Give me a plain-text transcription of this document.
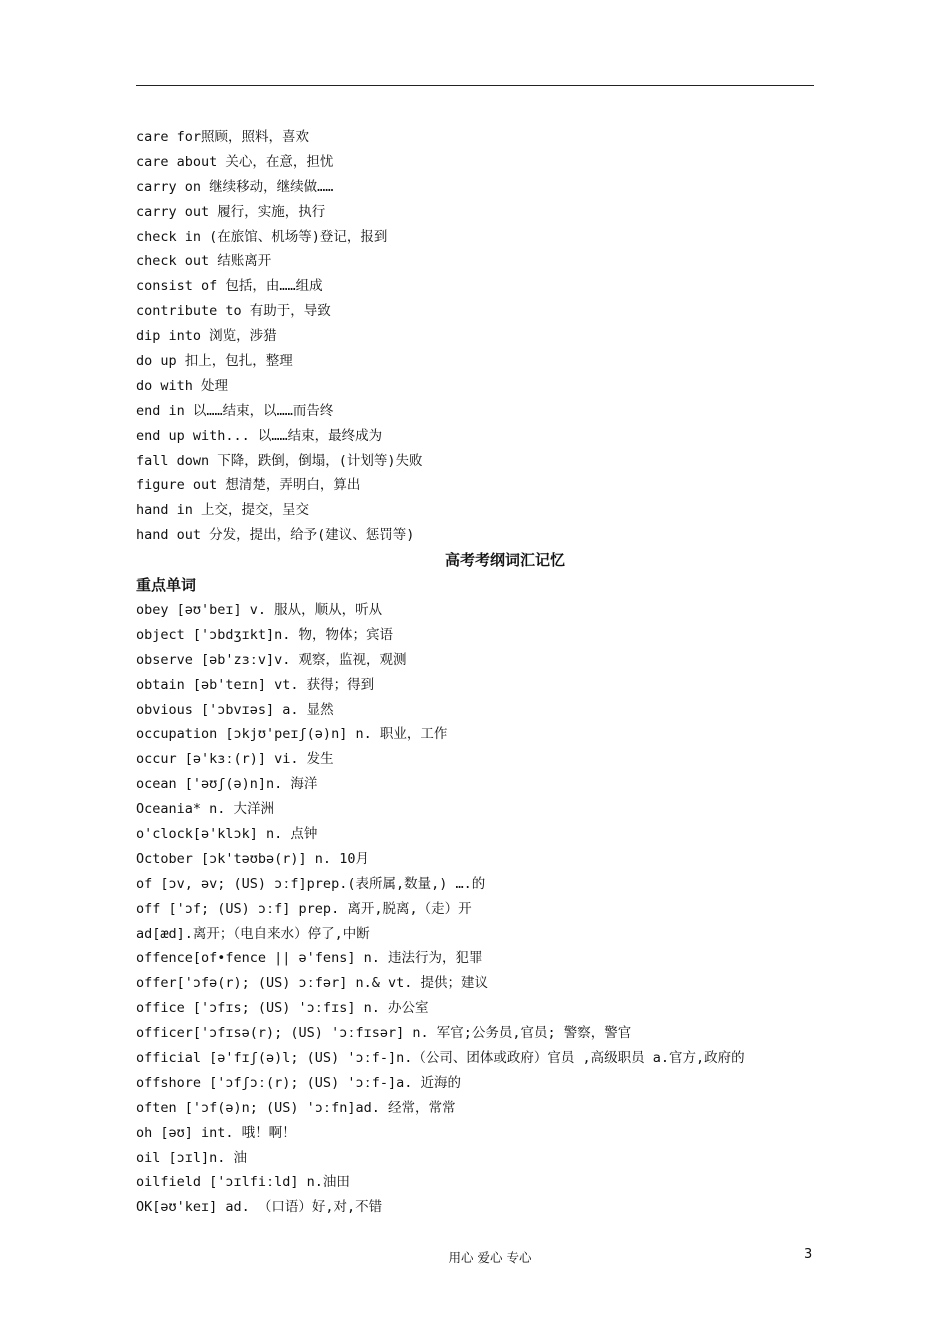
care for照顾，照料，喜欢
care about 关心，在意，担忧
carry on 继续移动，继续做……
carry out 履行，实施，执行
check in (在旅馆、机场等)登记，报到
check out 结账离开
consist of 包括，由……组成
contribute to 有助于，导致
dip into 浏览，涉猎
do up 扣上，包扎，整理
do with 处理
end in 以……结束，以……而告终
end up with... 以……结束，最终成为
fall down 下降，跌倒，倒塌，(计划等)失败
figure out 想清楚，弄明白，算出
hand in 上交，提交，呈交
hand out 分发，提出，给予(建议、惩罚等)
高考考纲词汇记忆
重点单词
obey [əʊ'beɪ] v. 服从，顺从，听从
object ['ɔbdʒɪkt]n. 物，物体；宾语
observe [əb'zɜːv]v. 观察，监视，观测
obtain [əb'teɪn] vt. 获得；得到
obvious ['ɔbvɪəs] a. 显然
occupation [ɔkjʊ'peɪʃ(ə)n] n. 职业，工作
occur [ə'kɜː(r)] vi. 发生
ocean ['əʊʃ(ə)n]n. 海洋
Oceania* n. 大洋洲
o'clock[ə'klɔk] n. 点钟
October [ɔk'təʊbə(r)] n. 10月
of [ɔv, əv; (US) ɔːf]prep.(表所属,数量,) ….的
off ['ɔf; (US) ɔːf] prep. 离开,脱离,（走）开
ad[æd].离开；（电自来水）停了,中断
offence[of•fence || ə'fens] n. 违法行为，犯罪
offer['ɔfə(r); (US) ɔːfər] n.& vt. 提供；建议
office ['ɔfɪs; (US) 'ɔːfɪs] n. 办公室
officer['ɔfɪsə(r); (US) 'ɔːfɪsər] n. 军官;公务员,官员; 警察，警官
official [ə'fɪʃ(ə)l; (US) 'ɔːf-]n.（公司、团体或政府）官员 ,高级职员 a.官方,政府的
offshore ['ɔfʃɔː(r); (US) 'ɔːf-]a. 近海的
often ['ɔf(ə)n; (US) 'ɔːfn]ad. 经常，常常
oh [əʊ] int. 哦！啊！
oil [ɔɪl]n. 油
oilfield ['ɔɪlfiːld] n.油田
OK[əʊ'keɪ] ad. （口语）好,对,不错
用心 爱心 专心	3
